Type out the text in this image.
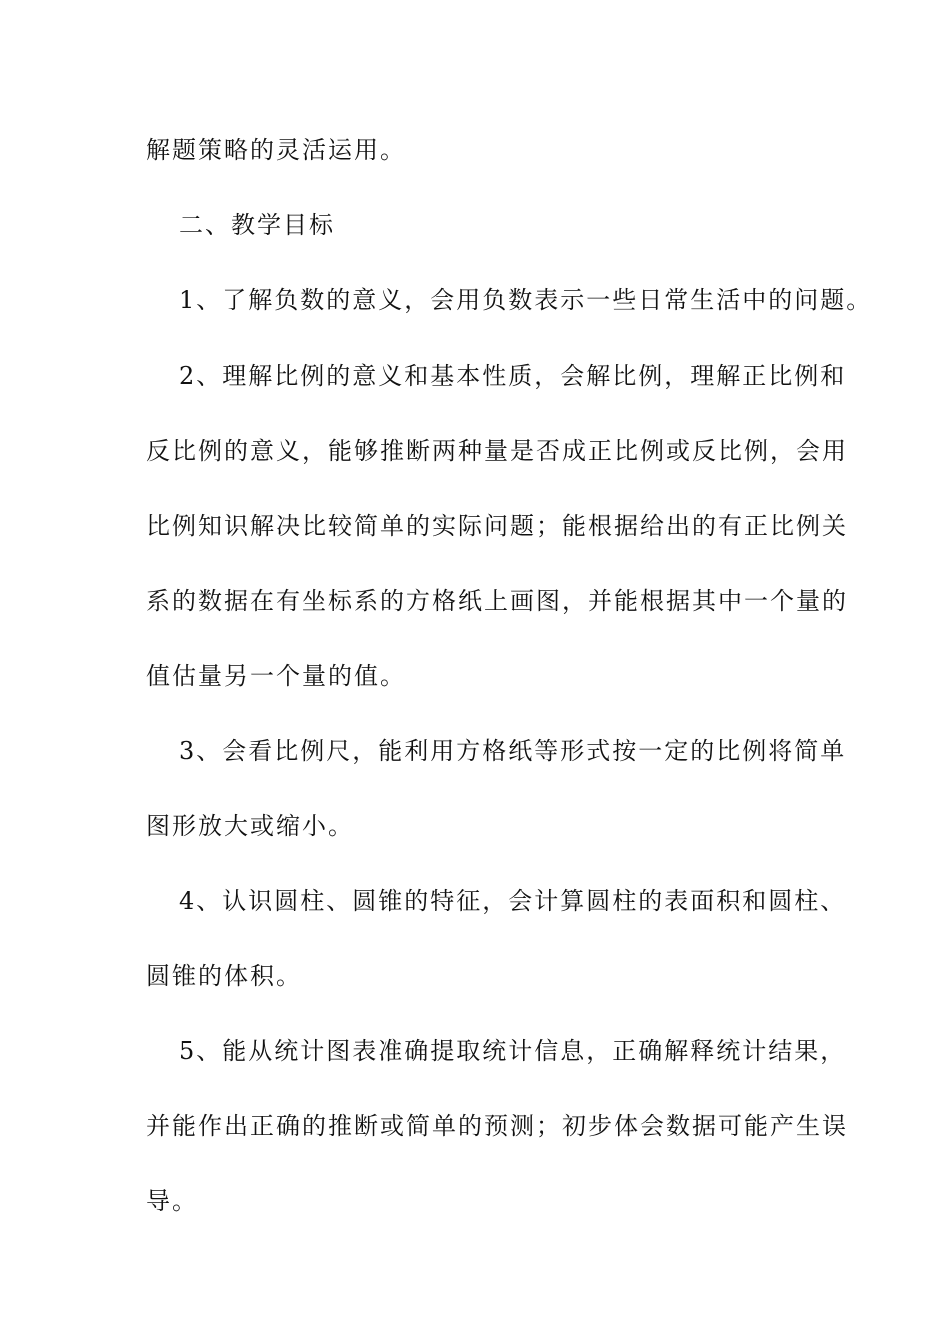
解题策略的灵活运用。
二、教学目标
1、了解负数的意义，会用负数表示一些日常生活中的问题。
2、理解比例的意义和基本性质，会解比例，理解正比例和
反比例的意义，能够推断两种量是否成正比例或反比例，会用
比例知识解决比较简单的实际问题；能根据给出的有正比例关
系的数据在有坐标系的方格纸上画图，并能根据其中一个量的
值估量另一个量的值。
3、会看比例尺，能利用方格纸等形式按一定的比例将简单
图形放大或缩小。
4、认识圆柱、圆锥的特征，会计算圆柱的表面积和圆柱、
圆锥的体积。
5、能从统计图表准确提取统计信息，正确解释统计结果，
并能作出正确的推断或简单的预测；初步体会数据可能产生误
导。
